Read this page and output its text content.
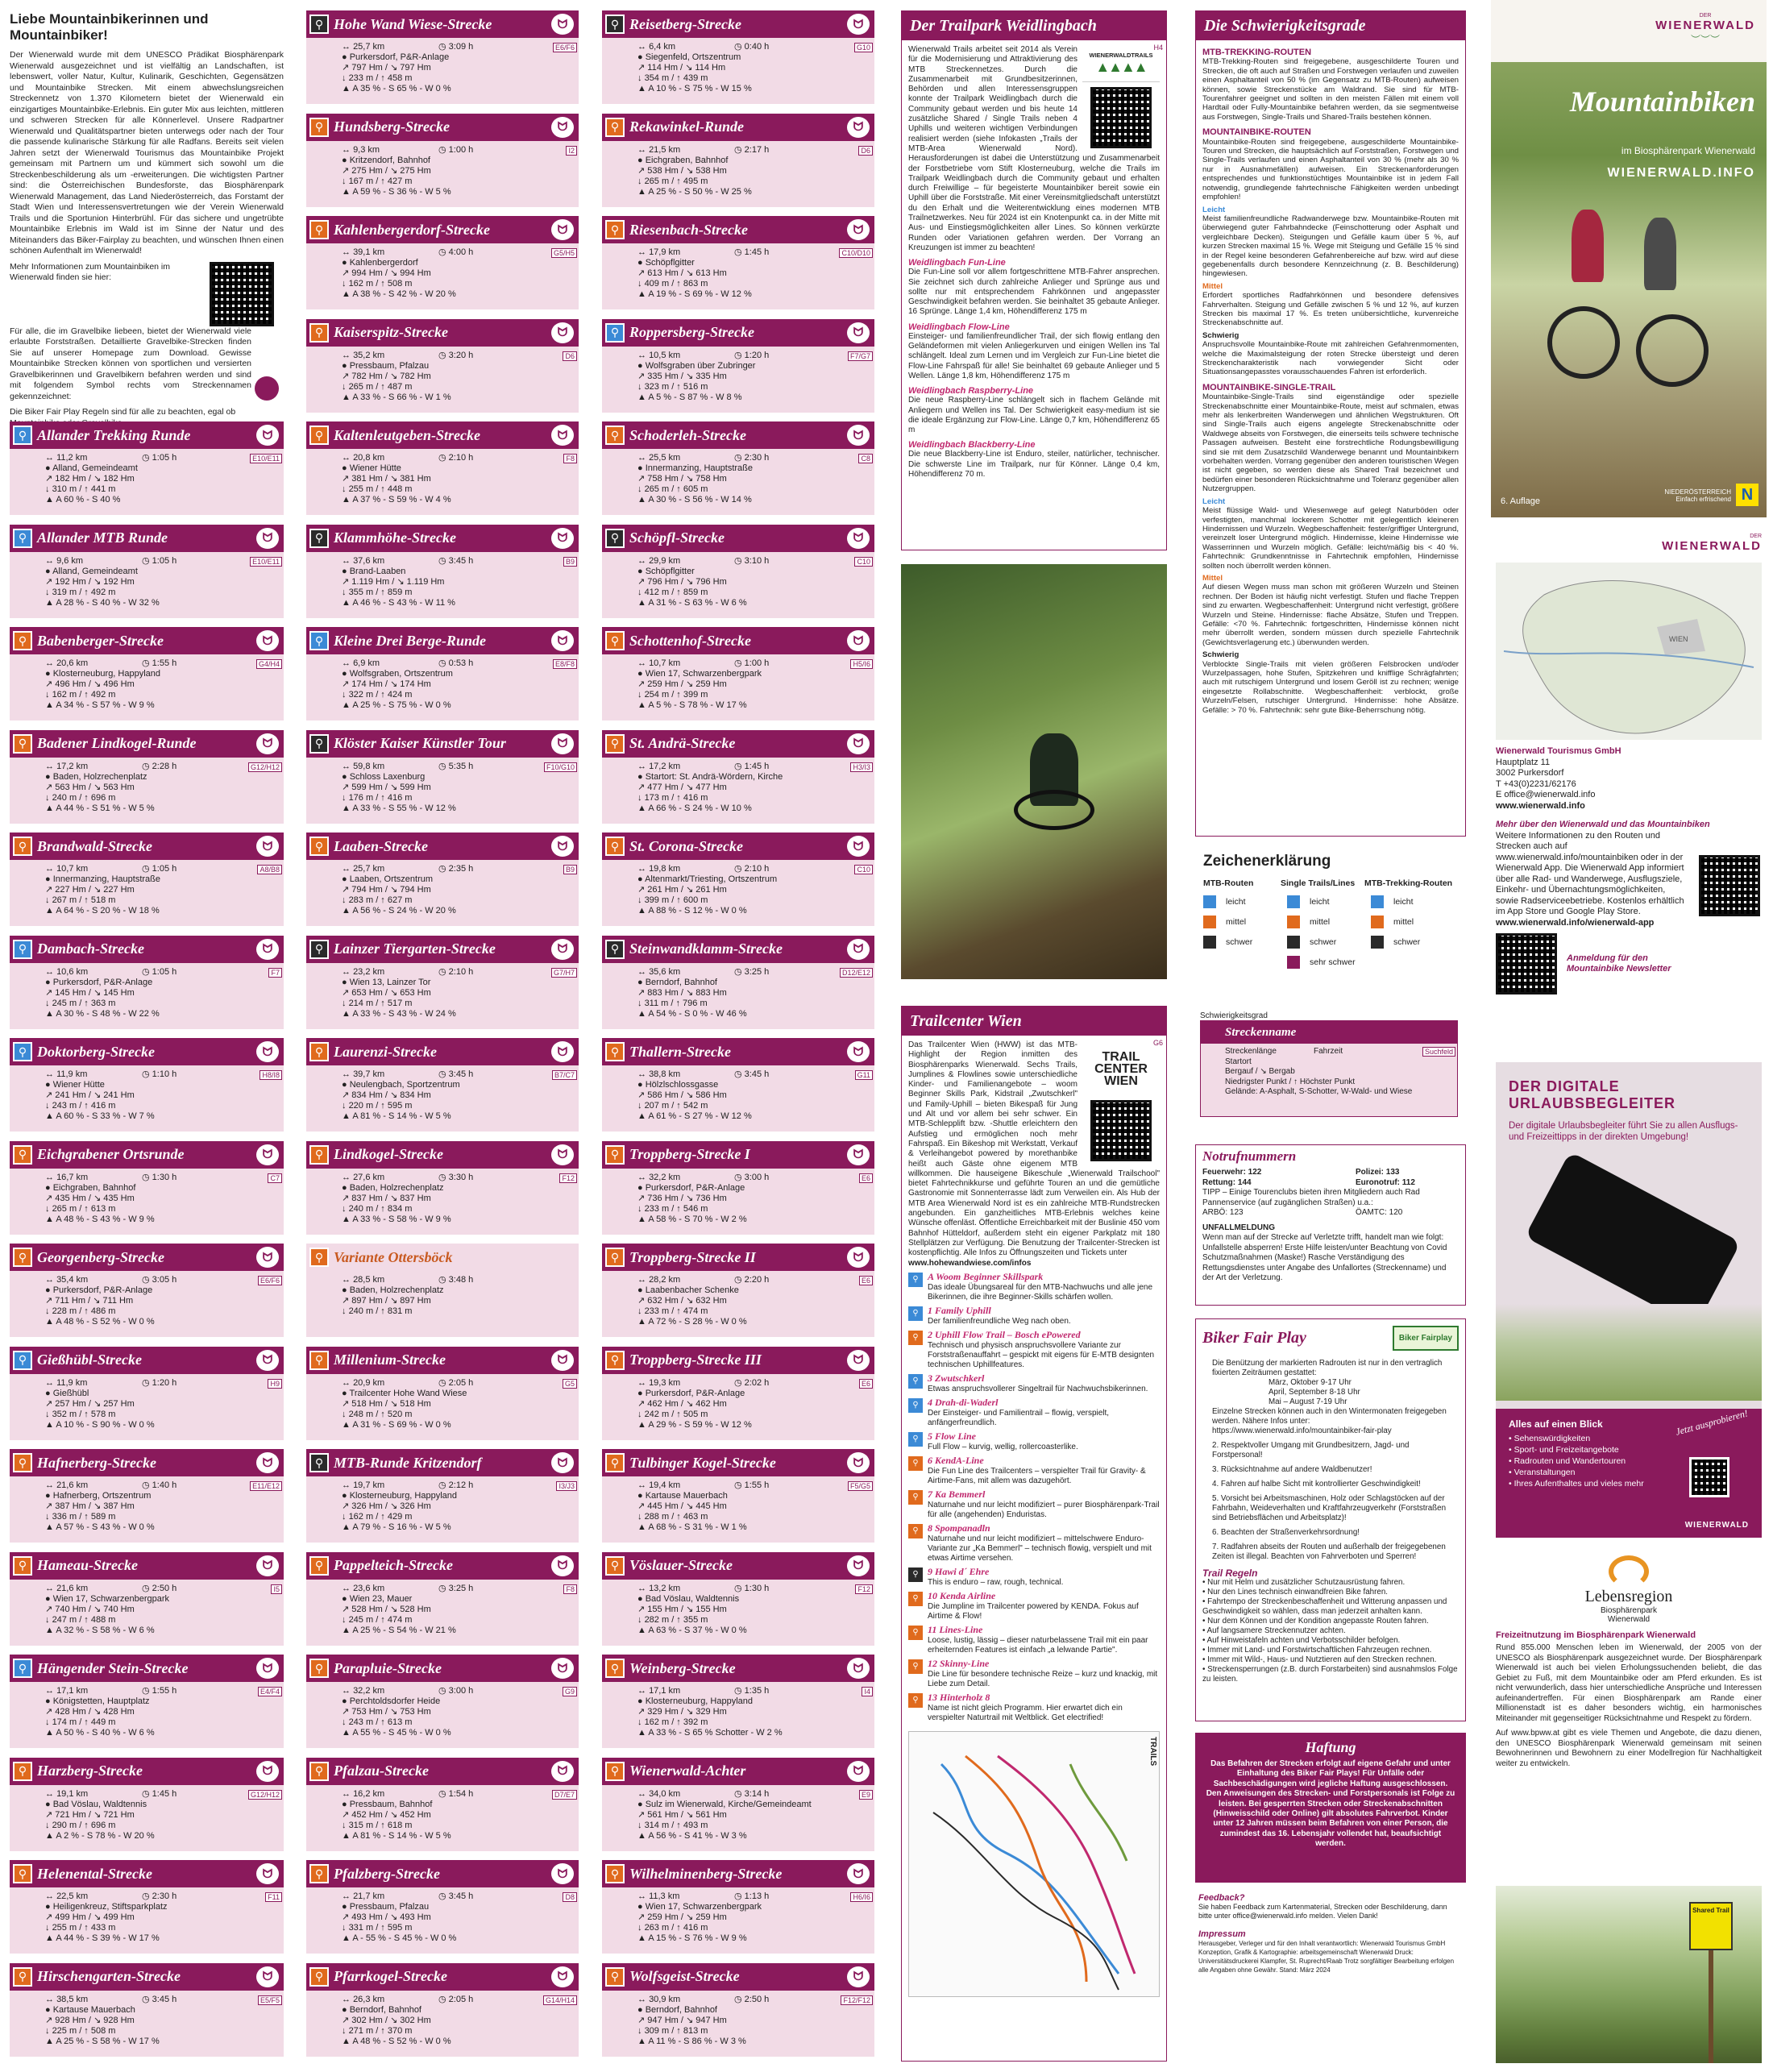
Liebe Mountainbikerinnen und Mountainbiker!

Der Wienerwald wurde mit dem UNESCO Prädikat Biosphärenpark Wienerwald ausgezeichnet und ist vielfältig an Landschaften, ist lebenswert, voller Natur, Kultur, Kulinarik, Geschichten, Gegensätzen und Mountainbike Strecken. Mit einem abwechslungsreichen Streckennetz von 1.370 Kilometern bietet der Wienerwald ein einzigartiges Mountainbike-Erlebnis. Ein guter Mix aus leichten, mittleren und schweren Strecken für alle Könnerlevel. Unsere Radpartner Wienerwald und Qualitätspartner bieten unterwegs oder nach der Tour die passende kulinarische Stärkung für alle Radfans. Bereits seit vielen Jahren setzt der Wienerwald Tourismus das Mountainbike Projekt gemeinsam mit Partnern um und kümmert sich sowohl um die Streckenbeschilderung als um -erweiterungen. Die wichtigsten Partner sind: die Österreichischen Bundesforste, das Biosphärenpark Wienerwald Management, das Land Niederösterreich, das Forstamt der Stadt Wien und Interessensvertretungen wie der Verein Wienerwald Trails und die Sportunion Hinterbrühl. Für das sichere und ungetrübte Mountainbike Erlebnis im Wald ist im Sinne der Natur und des Miteinanders das Biker-Fairplay zu beachten, und wünschen Ihnen einen schönen Aufenthalt im Wienerwald!

Mehr Informationen zum Mountainbiken im Wienerwald finden sie hier:

Für alle, die im Gravelbike liebeen, bietet der Wienerwald viele erlaubte Forststraßen. Detaillierte Gravelbike-Strecken finden Sie auf unserer Homepage zum Download. Gewisse Mountainbike Strecken können von sportlichen und versierten Gravelbikerinnen und Gravelbikern befahren werden und sind mit folgendem Symbol rechts vom Streckennamen gekennzeichnet:

Die Biker Fair Play Regeln sind für alle zu beachten, egal ob

⚲ Allander Trekking Runde	ᗢ
E10/E11
↔ 11,2 km	◷ 1:05 h
● Alland, Gemeindeamt
↗ 182 Hm / ↘ 182 Hm
↓ 310 m / ↑ 441 m
▲ A 60 % - S 40 %
⚲ Allander MTB Runde	ᗢ
E10/E11
↔ 9,6 km	◷ 1:05 h
● Alland, Gemeindeamt
↗ 192 Hm / ↘ 192 Hm
↓ 319 m / ↑ 492 m
▲ A 28 % - S 40 % - W 32 %
⚲ Babenberger-Strecke	ᗢ
G4/H4
↔ 20,6 km	◷ 1:55 h
● Klosterneuburg, Happyland
↗ 496 Hm / ↘ 496 Hm
↓ 162 m / ↑ 492 m
▲ A 34 % - S 57 % - W 9 %
⚲ Badener Lindkogel-Runde	ᗢ
G12/H12
↔ 17,2 km	◷ 2:28 h
● Baden, Holzrechenplatz
↗ 563 Hm / ↘ 563 Hm
↓ 240 m / ↑ 696 m
▲ A 44 % - S 51 % - W 5 %
⚲ Brandwald-Strecke	ᗢ
A8/B8
↔ 10,7 km	◷ 1:05 h
● Innermanzing, Hauptstraße
↗ 227 Hm / ↘ 227 Hm
↓ 267 m / ↑ 518 m
▲ A 64 % - S 20 % - W 18 %
⚲ Dambach-Strecke	ᗢ
F7
↔ 10,6 km	◷ 1:05 h
● Purkersdorf, P&R-Anlage
↗ 145 Hm / ↘ 145 Hm
↓ 245 m / ↑ 363 m
▲ A 30 % - S 48 % - W 22 %
⚲ Doktorberg-Strecke	ᗢ
H8/I8
↔ 11,9 km	◷ 1:10 h
● Wiener Hütte
↗ 241 Hm / ↘ 241 Hm
↓ 243 m / ↑ 416 m
▲ A 60 % - S 33 % - W 7 %
⚲ Eichgrabener Ortsrunde	ᗢ
C7
↔ 16,7 km	◷ 1:30 h
● Eichgraben, Bahnhof
↗ 435 Hm / ↘ 435 Hm
↓ 265 m / ↑ 613 m
▲ A 48 % - S 43 % - W 9 %
⚲ Georgenberg-Strecke	ᗢ
E6/F6
↔ 35,4 km	◷ 3:05 h
● Purkersdorf, P&R-Anlage
↗ 711 Hm / ↘ 711 Hm
↓ 228 m / ↑ 486 m
▲ A 48 % - S 52 % - W 0 %
⚲ Gießhübl-Strecke	ᗢ
H9
↔ 11,9 km	◷ 1:20 h
● Gießhübl
↗ 257 Hm / ↘ 257 Hm
↓ 352 m / ↑ 578 m
▲ A 10 % - S 90 % - W 0 %
⚲ Hafnerberg-Strecke	ᗢ
E11/E12
↔ 21,6 km	◷ 1:40 h
● Hafnerberg, Ortszentrum
↗ 387 Hm / ↘ 387 Hm
↓ 336 m / ↑ 589 m
▲ A 57 % - S 43 % - W 0 %
⚲ Hameau-Strecke	ᗢ
I5
↔ 21,6 km	◷ 2:50 h
● Wien 17, Schwarzenbergpark
↗ 740 Hm / ↘ 740 Hm
↓ 247 m / ↑ 488 m
▲ A 32 % - S 58 % - W 6 %
⚲ Hängender Stein-Strecke	ᗢ
E4/F4
↔ 17,1 km	◷ 1:55 h
● Königstetten, Hauptplatz
↗ 428 Hm / ↘ 428 Hm
↓ 174 m / ↑ 449 m
▲ A 50 % - S 40 % - W 6 %
⚲ Harzberg-Strecke	ᗢ
G12/H12
↔ 19,1 km	◷ 1:45 h
● Bad Vöslau, Waldtennis
↗ 721 Hm / ↘ 721 Hm
↓ 290 m / ↑ 696 m
▲ A 2 % - S 78 % - W 20 %
⚲ Helenental-Strecke	ᗢ
F11
↔ 22,5 km	◷ 2:30 h
● Heiligenkreuz, Stiftsparkplatz
↗ 499 Hm / ↘ 499 Hm
↓ 255 m / ↑ 433 m
▲ A 44 % - S 39 % - W 17 %
⚲ Hirschengarten-Strecke	ᗢ
E5/F5
↔ 38,5 km	◷ 3:45 h
● Kartause Mauerbach
↗ 928 Hm / ↘ 928 Hm
↓ 225 m / ↑ 508 m
▲ A 25 % - S 58 % - W 17 %
⚲ Hohe Wand Wiese-Strecke	ᗢ
E6/F6
↔ 25,7 km	◷ 3:09 h
● Purkersdorf, P&R-Anlage
↗ 797 Hm / ↘ 797 Hm
↓ 233 m / ↑ 458 m
▲ A 35 % - S 65 % - W 0 %
⚲ Hundsberg-Strecke	ᗢ
I2
↔ 9,3 km	◷ 1:00 h
● Kritzendorf, Bahnhof
↗ 275 Hm / ↘ 275 Hm
↓ 167 m / ↑ 427 m
▲ A 59 % - S 36 % - W 5 %
⚲ Kahlenbergerdorf-Strecke	ᗢ
G5/H5
↔ 39,1 km	◷ 4:00 h
● Kahlenbergerdorf
↗ 994 Hm / ↘ 994 Hm
↓ 162 m / ↑ 508 m
▲ A 38 % - S 42 % - W 20 %
⚲ Kaiserspitz-Strecke	ᗢ
D6
↔ 35,2 km	◷ 3:20 h
● Pressbaum, Pfalzau
↗ 782 Hm / ↘ 782 Hm
↓ 265 m / ↑ 487 m
▲ A 33 % - S 66 % - W 1 %
⚲ Kaltenleutgeben-Strecke	ᗢ
F8
↔ 20,8 km	◷ 2:10 h
● Wiener Hütte
↗ 381 Hm / ↘ 381 Hm
↓ 255 m / ↑ 448 m
▲ A 37 % - S 59 % - W 4 %
⚲ Klammhöhe-Strecke	ᗢ
B9
↔ 37,6 km	◷ 3:45 h
● Brand-Laaben
↗ 1.119 Hm / ↘ 1.119 Hm
↓ 355 m / ↑ 859 m
▲ A 46 % - S 43 % - W 11 %
⚲ Kleine Drei Berge-Runde	ᗢ
E8/F8
↔ 6,9 km	◷ 0:53 h
● Wolfsgraben, Ortszentrum
↗ 174 Hm / ↘ 174 Hm
↓ 322 m / ↑ 424 m
▲ A 25 % - S 75 % - W 0 %
⚲ Klöster Kaiser Künstler Tour	ᗢ
F10/G10
↔ 59,8 km	◷ 5:35 h
● Schloss Laxenburg
↗ 599 Hm / ↘ 599 Hm
↓ 176 m / ↑ 416 m
▲ A 33 % - S 55 % - W 12 %
⚲ Laaben-Strecke	ᗢ
B9
↔ 25,7 km	◷ 2:35 h
● Laaben, Ortszentrum
↗ 794 Hm / ↘ 794 Hm
↓ 283 m / ↑ 627 m
▲ A 56 % - S 24 % - W 20 %
⚲ Lainzer Tiergarten-Strecke	ᗢ
G7/H7
↔ 23,2 km	◷ 2:10 h
● Wien 13, Lainzer Tor
↗ 653 Hm / ↘ 653 Hm
↓ 214 m / ↑ 517 m
▲ A 33 % - S 43 % - W 24 %
⚲ Laurenzi-Strecke	ᗢ
B7/C7
↔ 39,7 km	◷ 3:45 h
● Neulengbach, Sportzentrum
↗ 834 Hm / ↘ 834 Hm
↓ 220 m / ↑ 595 m
▲ A 81 % - S 14 % - W 5 %
⚲ Lindkogel-Strecke	ᗢ
F12
↔ 27,6 km	◷ 3:30 h
● Baden, Holzrechenplatz
↗ 837 Hm / ↘ 837 Hm
↓ 240 m / ↑ 834 m
▲ A 33 % - S 58 % - W 9 %
⚲ Variante Ottersböck
↔ 28,5 km	◷ 3:48 h
● Baden, Holzrechenplatz
↗ 897 Hm / ↘ 897 Hm
↓ 240 m / ↑ 831 m
⚲ Millenium-Strecke	ᗢ
G5
↔ 20,9 km	◷ 2:05 h
● Trailcenter Hohe Wand Wiese
↗ 518 Hm / ↘ 518 Hm
↓ 248 m / ↑ 520 m
▲ A 31 % - S 69 % - W 0 %
⚲ MTB-Runde Kritzendorf	ᗢ
I3/J3
↔ 19,7 km	◷ 2:12 h
● Klosterneuburg, Happyland
↗ 326 Hm / ↘ 326 Hm
↓ 162 m / ↑ 429 m
▲ A 79 % - S 16 % - W 5 %
⚲ Pappelteich-Strecke	ᗢ
F8
↔ 23,6 km	◷ 3:25 h
● Wien 23, Mauer
↗ 528 Hm / ↘ 528 Hm
↓ 245 m / ↑ 474 m
▲ A 25 % - S 54 % - W 21 %
⚲ Parapluie-Strecke	ᗢ
G9
↔ 32,2 km	◷ 3:00 h
● Perchtoldsdorfer Heide
↗ 753 Hm / ↘ 753 Hm
↓ 243 m / ↑ 613 m
▲ A 55 % - S 45 % - W 0 %
⚲ Pfalzau-Strecke	ᗢ
D7/E7
↔ 16,2 km	◷ 1:54 h
● Pressbaum, Bahnhof
↗ 452 Hm / ↘ 452 Hm
↓ 315 m / ↑ 618 m
▲ A 81 % - S 14 % - W 5 %
⚲ Pfalzberg-Strecke	ᗢ
D8
↔ 21,7 km	◷ 3:45 h
● Pressbaum, Pfalzau
↗ 493 Hm / ↘ 493 Hm
↓ 331 m / ↑ 595 m
▲ A - 55 % - S 45 % - W 0 %
⚲ Pfarrkogel-Strecke	ᗢ
G14/H14
↔ 26,3 km	◷ 2:05 h
● Berndorf, Bahnhof
↗ 302 Hm / ↘ 302 Hm
↓ 271 m / ↑ 370 m
▲ A 48 % - S 52 % - W 0 %
⚲ Reisetberg-Strecke	ᗢ
G10
↔ 6,4 km	◷ 0:40 h
● Siegenfeld, Ortszentrum
↗ 114 Hm / ↘ 114 Hm
↓ 354 m / ↑ 439 m
▲ A 10 % - S 75 % - W 15 %
⚲ Rekawinkel-Runde	ᗢ
D6
↔ 21,5 km	◷ 2:17 h
● Eichgraben, Bahnhof
↗ 538 Hm / ↘ 538 Hm
↓ 265 m / ↑ 495 m
▲ A 25 % - S 50 % - W 25 %
⚲ Riesenbach-Strecke	ᗢ
C10/D10
↔ 17,9 km	◷ 1:45 h
● Schöpflgitter
↗ 613 Hm / ↘ 613 Hm
↓ 409 m / ↑ 863 m
▲ A 19 % - S 69 % - W 12 %
⚲ Roppersberg-Strecke	ᗢ
F7/G7
↔ 10,5 km	◷ 1:20 h
● Wolfsgraben über Zubringer
↗ 335 Hm / ↘ 335 Hm
↓ 323 m / ↑ 516 m
▲ A 5 % - S 87 % - W 8 %
⚲ Schoderleh-Strecke	ᗢ
C8
↔ 25,5 km	◷ 2:30 h
● Innermanzing, Hauptstraße
↗ 758 Hm / ↘ 758 Hm
↓ 265 m / ↑ 605 m
▲ A 30 % - S 56 % - W 14 %
⚲ Schöpfl-Strecke	ᗢ
C10
↔ 29,9 km	◷ 3:10 h
● Schöpflgitter
↗ 796 Hm / ↘ 796 Hm
↓ 412 m / ↑ 859 m
▲ A 31 % - S 63 % - W 6 %
⚲ Schottenhof-Strecke	ᗢ
H5/I6
↔ 10,7 km	◷ 1:00 h
● Wien 17, Schwarzenbergpark
↗ 259 Hm / ↘ 259 Hm
↓ 254 m / ↑ 399 m
▲ A 5 % - S 78 % - W 17 %
⚲ St. Andrä-Strecke	ᗢ
H3/I3
↔ 17,2 km	◷ 1:45 h
● Startort: St. Andrä-Wördern, Kirche
↗ 477 Hm / ↘ 477 Hm
↓ 173 m / ↑ 416 m
▲ A 66 % - S 24 % - W 10 %
⚲ St. Corona-Strecke	ᗢ
C10
↔ 19,8 km	◷ 2:10 h
● Altenmarkt/Triesting, Ortszentrum
↗ 261 Hm / ↘ 261 Hm
↓ 399 m / ↑ 600 m
▲ A 88 % - S 12 % - W 0 %
⚲ Steinwandklamm-Strecke	ᗢ
D12/E12
↔ 35,6 km	◷ 3:25 h
● Berndorf, Bahnhof
↗ 883 Hm / ↘ 883 Hm
↓ 311 m / ↑ 796 m
▲ A 54 % - S 0 % - W 46 %
⚲ Thallern-Strecke	ᗢ
G11
↔ 38,8 km	◷ 3:45 h
● Hölzlschlossgasse
↗ 586 Hm / ↘ 586 Hm
↓ 207 m / ↑ 542 m
▲ A 61 % - S 27 % - W 12 %
⚲ Troppberg-Strecke I	ᗢ
E6
↔ 32,2 km	◷ 3:00 h
● Purkersdorf, P&R-Anlage
↗ 736 Hm / ↘ 736 Hm
↓ 233 m / ↑ 546 m
▲ A 58 % - S 70 % - W 2 %
⚲ Troppberg-Strecke II	ᗢ
E6
↔ 28,2 km	◷ 2:20 h
● Laabenbacher Schenke
↗ 632 Hm / ↘ 632 Hm
↓ 233 m / ↑ 474 m
▲ A 72 % - S 28 % - W 0 %
⚲ Troppberg-Strecke III	ᗢ
E6
↔ 19,3 km	◷ 2:02 h
● Purkersdorf, P&R-Anlage
↗ 462 Hm / ↘ 462 Hm
↓ 242 m / ↑ 505 m
▲ A 29 % - S 59 % - W 12 %
⚲ Tulbinger Kogel-Strecke	ᗢ
F5/G5
↔ 19,4 km	◷ 1:55 h
● Kartause Mauerbach
↗ 445 Hm / ↘ 445 Hm
↓ 288 m / ↑ 463 m
▲ A 68 % - S 31 % - W 1 %
⚲ Vöslauer-Strecke	ᗢ
F12
↔ 13,2 km	◷ 1:30 h
● Bad Vöslau, Waldtennis
↗ 155 Hm / ↘ 155 Hm
↓ 282 m / ↑ 355 m
▲ A 63 % - S 37 % - W 0 %
⚲ Weinberg-Strecke	ᗢ
I4
↔ 17,1 km	◷ 1:35 h
● Klosterneuburg, Happyland
↗ 329 Hm / ↘ 329 Hm
↓ 162 m / ↑ 392 m
▲ A 33 % - S 65 % Schotter - W 2 %
⚲ Wienerwald-Achter	ᗢ
E9
↔ 34,0 km	◷ 3:14 h
● Sulz im Wienerwald, Kirche/Gemeindeamt
↗ 561 Hm / ↘ 561 Hm
↓ 314 m / ↑ 493 m
▲ A 56 % - S 41 % - W 3 %
⚲ Wilhelminenberg-Strecke	ᗢ
H6/I6
↔ 11,3 km	◷ 1:13 h
● Wien 17, Schwarzenbergpark
↗ 259 Hm / ↘ 259 Hm
↓ 263 m / ↑ 416 m
▲ A 15 % - S 76 % - W 9 %
⚲ Wolfsgeist-Strecke	ᗢ
F12/F12
↔ 30,9 km	◷ 2:50 h
● Berndorf, Bahnhof
↗ 947 Hm / ↘ 947 Hm
↓ 309 m / ↑ 813 m
▲ A 11 % - S 86 % - W 3 %
Der Trailpark Weidlingbach
H4
WIENERWALDTRAILS
▲▲▲▲

Wienerwald Trails arbeitet seit 2014 als Verein für die Modernisierung und Attraktivierung des MTB Streckennetzes. Durch die Zusammenarbeit mit Grundbesitzerinnen, Behörden und allen Interessensgruppen konnte der Trailpark Weidlingbach durch die Community gebaut werden und bis heute 14 zusätzliche Shared / Single Trails neben 4 Uphills und weiteren wichtigen Verbindungen realisiert werden (siehe Infokasten „Trails der MTB-Area Wienerwald Nord). Herausforderungen ist dabei die Unterstützung und Zusammenarbeit der Forstbetriebe vom Stift Klosterneuburg, welche die Trails im Trailpark Weidlingbach durch die Community gebaut und erhalten durch Freiwillige – für begeisterte Mountainbiker bereit sowie ein Uphill über die Forststraße. Mit einer Vereinsmitgliedschaft unterstützt du den Erhalt und die Weiterentwicklung eines modernen MTB Trailnetzwerkes. Neu für 2024 ist ein Knotenpunkt ca. in der Mitte mit Aus- und Einstiegsmöglichkeiten aller Lines. So können verkürzte Runden oder Variationen gefahren werden. Der Vorrang an Kreuzungen ist immer zu beachten!

Weidlingbach Fun-Line

Die Fun-Line soll vor allem fortgeschrittene MTB-Fahrer ansprechen. Sie zeichnet sich durch zahlreiche Anlieger und Sprünge aus und sollte nur mit entsprechendem Fahrkönnen und angepasster Geschwindigkeit befahren werden. Sie beinhaltet 35 gebaute Anlieger. 16 Sprünge. Länge 1,4 km, Höhendifferenz 175 m

Weidlingbach Flow-Line

Einsteiger- und familienfreundlicher Trail, der sich flowig entlang den Geländeformen mit vielen Anliegerkurven und einigen Wellen ins Tal schlängelt. Ideal zum Lernen und im Vergleich zur Fun-Line bietet die Flow-Line Fahrspaß für alle! Sie beinhaltet 69 gebaute Anlieger und 5 Wellen. Länge 1,8 km, Höhendifferenz 175 m

Weidlingbach Raspberry-Line

Die neue Raspberry-Line schlängelt sich in flachem Gelände mit Anliegern und Wellen ins Tal. Der Schwierigkeit easy-medium ist sie die ideale Ergänzung zur Flow-Line. Länge 0,7 km, Höhendifferenz 65 m

Weidlingbach Blackberry-Line

Die neue Blackberry-Line ist Enduro, steiler, natürlicher, technischer. Die schwerste Line im Trailpark, nur für Könner. Länge 0,4 km, Höhendifferenz 70 m.

Trailcenter Wien
G6
TRAIL CENTER WIEN

Das Trailcenter Wien (HWW) ist das MTB-Highlight der Region inmitten des Biosphärenparks Wienerwald. Sechs Trails, Jumplines & Flowlines sowie unterschiedliche Kinder- und Familienangebote – woom Beginner Skills Park, Kidstrail „Zwutschkerl" und Family-Uphill – bieten Bikespaß für Jung und Alt und vor allem bei sehr schwer. Ein MTB-Schlepplift bzw. -Shuttle erleichtern den Aufstieg und ermöglichen noch mehr Fahrspaß. Ein Bikeshop mit Werkstatt, Verkauf & Verleihangebot powered by morethanbike heißt auch Gäste ohne eigenem MTB willkommen. Die hauseigene Bikeschule „Wienerwald Trailschool" bietet Fahrtechnikkurse und geführte Touren an und die gemütliche Gastronomie mit Sonnenterrasse lädt zum Verweilen ein. Als Hub der MTB Area Wienerwald Nord ist es ein zahlreiche MTB-Rundstrecken angebunden. Ein ganzheitliches MTB-Erlebnis welches keine Wünsche offenläst. Öffentliche Erreichbarkeit mit der Buslinie 450 vom Bahnhof Hütteldorf, außerdem steht ein eigener Parkplatz mit 180 Stellplätzen zur Verfügung. Die Benutzung der Trailcenter-Strecken ist kostenpflichtig. Alle Infos zu Öffnungszeiten und Tickets unter

www.hohewandwiese.com/infos

⚲ A Woom Beginner Skillspark
Das ideale Übungsareal für den MTB-Nachwuchs und alle jene Bikerinnen, die ihre Beginner-Skills schärfen wollen.
⚲ 1 Family Uphill
Der familienfreundliche Weg nach oben.
⚲ 2 Uphill Flow Trail – Bosch ePowered
Technisch und physisch anspruchsvollere Variante zur Forststraßenauffahrt – gespickt mit eigens für E-MTB designten technischen Uphillfeatures.
⚲ 3 Zwutschkerl
Etwas anspruchsvollerer Singeltrail für Nachwuchsbikerinnen.
⚲ 4 Drah-di-Waderl
Der Einsteiger- und Familientrail – flowig, verspielt, anfängerfreundlich.
⚲ 5 Flow Line
Full Flow – kurvig, wellig, rollercoasterlike.
⚲ 6 KendA-Line
Die Fun Line des Trailcenters – verspielter Trail für Gravity- & Airtime-Fans, mit allem was dazugehört.
⚲ 7 Ka Bemmerl
Naturnahe und nur leicht modifiziert – purer Biosphärenpark-Trail für alle (angehenden) Enduristas.
⚲ 8 Spompanadln
Naturnahe und nur leicht modifiziert – mittelschwere Enduro-Variante zur „Ka Bemmerl" – technisch flowig, verspielt und mit etwas Airtime versehen.
⚲ 9 Hawi d´ Ehre
This is enduro – raw, rough, technical.
⚲ 10 Kenda Airline
Die Jumpline im Trailcenter powered by KENDA. Fokus auf Airtime & Flow!
⚲ 11 Lines-Line
Loose, lustig, lässig – dieser naturbelassene Trail mit ein paar erheiternden Features ist einfach „a lelwande Partie".
⚲ 12 Skinny-Line
Die Line für besondere technische Reize – kurz und knackig, mit Liebe zum Detail.
⚲ 13 Hinterholz 8
Name ist nicht gleich Programm. Hier erwartet dich ein verspielter Naturtrail mit Weltblick. Get electrified!
TRAILS
Die Schwierigkeitsgrade
MTB-TREKKING-ROUTEN

MTB-Trekking-Routen sind freigegebene, ausgeschilderte Touren und Strecken, die oft auch auf Straßen und Forstwegen verlaufen und zuweilen einen Asphaltanteil von 50 % (im Gegensatz zu MTB-Routen) aufweisen können, sowie Streckenstücke am Waldrand. Sie sind für MTB-Tourenfahrer geeignet und sollten in den meisten Fällen mit einem voll Hardtail oder Fully-Mountainbike befahren werden, da sie segmentweise aus Forstwegen, Single-Trails und Shared-Trails bestehen können.

MOUNTAINBIKE-ROUTEN

Mountainbike-Routen sind freigegebene, ausgeschilderte Mountainbike-Touren und Strecken, die hauptsächlich auf Forststraßen, Forstwegen und Single-Trails verlaufen und einen Asphaltanteil von 30 % (mehr als 30 % nur in Ausnahmefällen) aufweisen. Ein Streckenanforderungen entsprechendes und funktionstüchtiges Mountainbike ist in jedem Fall notwendig, grundlegende fahrtechnische Fähigkeiten werden unbedingt empfohlen!

Leicht

Meist familienfreundliche Radwanderwege bzw. Mountainbike-Routen mit überwiegend guter Fahrbahndecke (Feinschotterung oder Asphalt und vergleichbare Decken). Steigungen und Gefälle kaum über 5 %, auf kurzen Strecken maximal 15 %. Wege mit Steigung und Gefälle 15 % sind in der Regel keine besonderen Gefahrenbereiche auf bzw. wird auf diese gegebenenfalls durch besondere Kennzeichnung (z. B. Beschilderung) hingewiesen.

Mittel

Erfordert sportliches Radfahrkönnen und besondere defensives Fahrverhalten. Steigung und Gefälle zwischen 5 % und 12 %, auf kurzen Strecken bis maximal 17 %. Es treten unübersichtliche, kurvenreiche Streckenabschnitte auf.

Schwierig

Anspruchsvolle Mountainbike-Route mit zahlreichen Gefahrenmomenten, welche die Maximalsteigung der roten Strecke übersteigt und deren Streckencharakteristik nach vorwiegender Sicht oder Situationsangepasstes vorausschauendes Fahren ist erforderlich.

MOUNTAINBIKE-SINGLE-TRAIL

Mountainbike-Single-Trails sind eigenständige oder spezielle Streckenabschnitte einer Mountainbike-Route, meist auf schmalen, etwas mehr als lenkerbreiten Wanderwegen und ähnlichen Wegstrukturen. Oft sind Single-Trails auch eigens angelegte Streckenabschnitte oder Waldwege abseits von Forstwegen, die einerseits teils schwere technische Passagen aufweisen. Besteht eine forstrechtliche Rodungsbewilligung sind sie mit dem Zusatzschild Wanderwege benannt und Mountainbikern vorbehalten werden. Vorrang gegenüber den anderen touristischen Wegen ist nicht gegeben, so werden diese als Shared Trail bezeichnet und bedürfen einer besonderen Rücksichtnahme und Toleranz gegenüber allen Nutzergruppen.

Leicht

Meist flüssige Wald- und Wiesenwege auf gelegt Naturböden oder verfestigten, manchmal lockerem Schotter mit gelegentlich kleineren Hindernissen und Wurzeln. Wegbeschaffenheit: fester/griffiger Untergrund, vereinzelt loser Untergrund möglich. Hindernisse, kleine Hindernisse wie Wasserrinnen und Wurzeln möglich. Gefälle: leicht/mäßig bis < 40 %. Fahrtechnik: Grundkenntnisse in Fahrtechnik empfohlen, Hindernisse sollten noch überrollt werden können.

Mittel

Auf diesen Wegen muss man schon mit größeren Wurzeln und Steinen rechnen. Der Boden ist häufig nicht verfestigt. Stufen und flache Treppen sind zu erwarten. Wegbeschaffenheit: Untergrund nicht verfestigt, größere Wurzeln und Steine. Hindernisse: flache Absätze, Stufen und Treppen. Gefälle: <70 %. Fahrtechnik: fortgeschritten, Hindernisse können nicht mehr überrollt werden, sondern müssen durch spezielle Fahrtechnik (Gewichtsverlagerung etc.) überwunden werden.

Schwierig

Verblockte Single-Trails mit vielen größeren Felsbrocken und/oder Wurzelpassagen, hohe Stufen, Spitzkehren und knifflige Schrägfahrten; auch mit rutschigem Untergrund und losem Geröll ist zu rechnen; wenige eingesetzte Rollabschnitte. Wegbeschaffenheit: verblockt, große Wurzeln/Felsen, rutschiger Untergrund. Hindernisse: hohe Absätze. Gefälle: > 70 %. Fahrtechnik: sehr gute Bike-Beherrschung nötig.

Zeichenerklärung
MTB-Routen	Single Trails/Lines	MTB-Trekking-Routen
leicht	leicht	leicht
mittel	mittel	mittel
schwer	schwer	schwer
sehr schwer
Schwierigkeitsgrad
Streckenname
Suchfeld
Streckenlänge	Fahrzeit
Startort
Bergauf / ↘ Bergab
Niedrigster Punkt / ↑ Höchster Punkt
Gelände: A-Asphalt, S-Schotter, W-Wald- und Wiese
Notrufnummern
Feuerwehr: 122	Polizei: 133
Rettung: 144	Euronotruf: 112
TIPP – Einige Tourenclubs bieten ihren Mitgliedern auch Rad Pannenservice (auf zugänglichen Straßen) u.a.:
ARBÖ: 123	ÖAMTC: 120
UNFALLMELDUNG
Wenn man auf der Strecke auf Verletzte trifft, handelt man wie folgt: Unfallstelle absperren! Erste Hilfe leisten/unter Beachtung von Covid Schutzmaßnahmen (Maske!) Rasche Verständigung des Rettungsdienstes unter Angabe des Unfallortes (Streckenname) und der Art der Verletzung.
Biker Fair Play	Biker Fairplay
Die Benützung der markierten Radrouten ist nur in den vertraglich fixierten Zeiträumen gestattet:
März, Oktober 9-17 Uhr
April, September 8-18 Uhr
Mai – August 7-19 Uhr
Einzelne Strecken können auch in den Wintermonaten freigegeben werden. Nähere Infos unter: https://www.wienerwald.info/mountainbiker-fair-play
2. Respektvoller Umgang mit Grundbesitzern, Jagd- und Forstpersonal!
3. Rücksichtnahme auf andere Waldbenutzer!
4. Fahren auf halbe Sicht mit kontrollierter Geschwindigkeit!
5. Vorsicht bei Arbeitsmaschinen, Holz oder Schlagstöcken auf der Fahrbahn, Weideverhalten und Kraftfahrzeugverkehr (Forststraßen sind Betriebsflächen und Arbeitsplatz)!
6. Beachten der Straßenverkehrsordnung!
7. Radfahren abseits der Routen und außerhalb der freigegebenen Zeiten ist illegal. Beachten von Fahrverboten und Sperren!
Trail Regeln
• Nur mit Helm und zusätzlicher Schutzausrüstung fahren.
• Nur den Lines technisch einwandfreien Bike fahren.
• Fahrtempo der Streckenbeschaffenheit und Witterung anpassen und Geschwindigkeit so wählen, dass man jederzeit anhalten kann.
• Nur dem Können und der Kondition angepasste Routen fahren.
• Auf langsamere Streckennutzer achten.
• Auf Hinweistafeln achten und Verbotsschilder befolgen.
• Immer mit Land- und Forstwirtschaftlichen Fahrzeugen rechnen.
• Immer mit Wild-, Haus- und Nutztieren auf den Strecken rechnen.
• Streckensperrungen (z.B. durch Forstarbeiten) sind ausnahmslos Folge zu leisten.
Haftung
Das Befahren der Strecken erfolgt auf eigene Gefahr und unter Einhaltung des Biker Fair Plays! Für Unfälle oder Sachbeschädigungen wird jegliche Haftung ausgeschlossen. Den Anweisungen des Strecken- und Forstpersonals ist Folge zu leisten. Bei gesperrten Strecken oder Streckenabschnitten (Hinweisschild oder Online) gilt absolutes Fahrverbot. Kinder unter 12 Jahren müssen beim Befahren von einer Person, die zumindest das 16. Lebensjahr vollendet hat, beaufsichtigt werden.
Feedback?
Sie haben Feedback zum Kartenmaterial, Strecken oder Beschilderung, dann bitte unter office@wienerwald.info melden. Vielen Dank!
Impressum
Herausgeber, Verleger und für den Inhalt verantwortlich: Wienerwald Tourismus GmbH Konzeption, Grafik & Kartographie: arbeitsgemeinschaft Wienerwald Druck: Universitätsdruckerei Klampfer, St. Ruprecht/Raab Trotz sorgfältiger Bearbeitung erfolgen alle Angaben ohne Gewähr. Stand: März 2024
DER
WIENERWALD
︶︶︶
Mountainbiken
im Biosphärenpark Wienerwald
WIENERWALD.INFO
6. Auflage
NIEDERÖSTERREICH
Einfach erfrischend N
DER
WIENERWALD
WIEN
Wienerwald Tourismus GmbH
Hauptplatz 11
3002 Purkersdorf
T +43(0)2231/62176
E office@wienerwald.info
www.wienerwald.info
Mehr über den Wienerwald und das Mountainbiken
Weitere Informationen zu den Routen und Strecken auch auf www.wienerwald.info/mountainbiken oder in der Wienerwald App. Die Wienerwald App informiert über alle Rad- und Wanderwege, Ausflugsziele, Einkehr- und Übernachtungsmöglichkeiten, sowie Radserviceebetriebe. Kostenlos erhältlich im App Store und Google Play Store.
www.wienerwald.info/wienerwald-app
Anmeldung für den Mountainbike Newsletter
DER DIGITALE
URLAUBSBEGLEITER
Der digitale Urlaubsbegleiter führt Sie zu allen Ausflugs- und Freizeittipps in der direkten Umgebung!
Alles auf einen Blick
• Sehenswürdigkeiten
• Sport- und Freizeitangebote
• Radrouten und Wandertouren
• Veranstaltungen
• Ihres Aufenthaltes und vieles mehr
Jetzt ausprobieren!
WIENERWALD
Lebensregion
Biosphärenpark
Wienerwald
Freizeitnutzung im Biosphärenpark Wienerwald
Rund 855.000 Menschen leben im Wienerwald, der 2005 von der UNESCO als Biosphärenpark ausgezeichnet wurde. Der Biosphärenpark Wienerwald ist auch bei vielen Erholungssuchenden beliebt, die das Gebiet zu Fuß, mit dem Mountainbike oder am Pferd erkunden. Es ist nicht verwunderlich, dass hier unterschiedliche Ansprüche und Interessen aufeinandertreffen. Für einen Biosphärenpark am Rande einer Millionenstadt ist es daher besonders wichtig, ein harmonisches Miteinander mit gegenseitiger Rücksichtnahme und Respekt zu fördern.
Auf www.bpww.at gibt es viele Themen und Angebote, die dazu dienen, den UNESCO Biosphärenpark Wienerwald gemeinsam mit seinen Bewohnerinnen und Bewohnern zu einer Modellregion für Nachhaltigkeit weiter zu entwickeln.
Shared Trail
